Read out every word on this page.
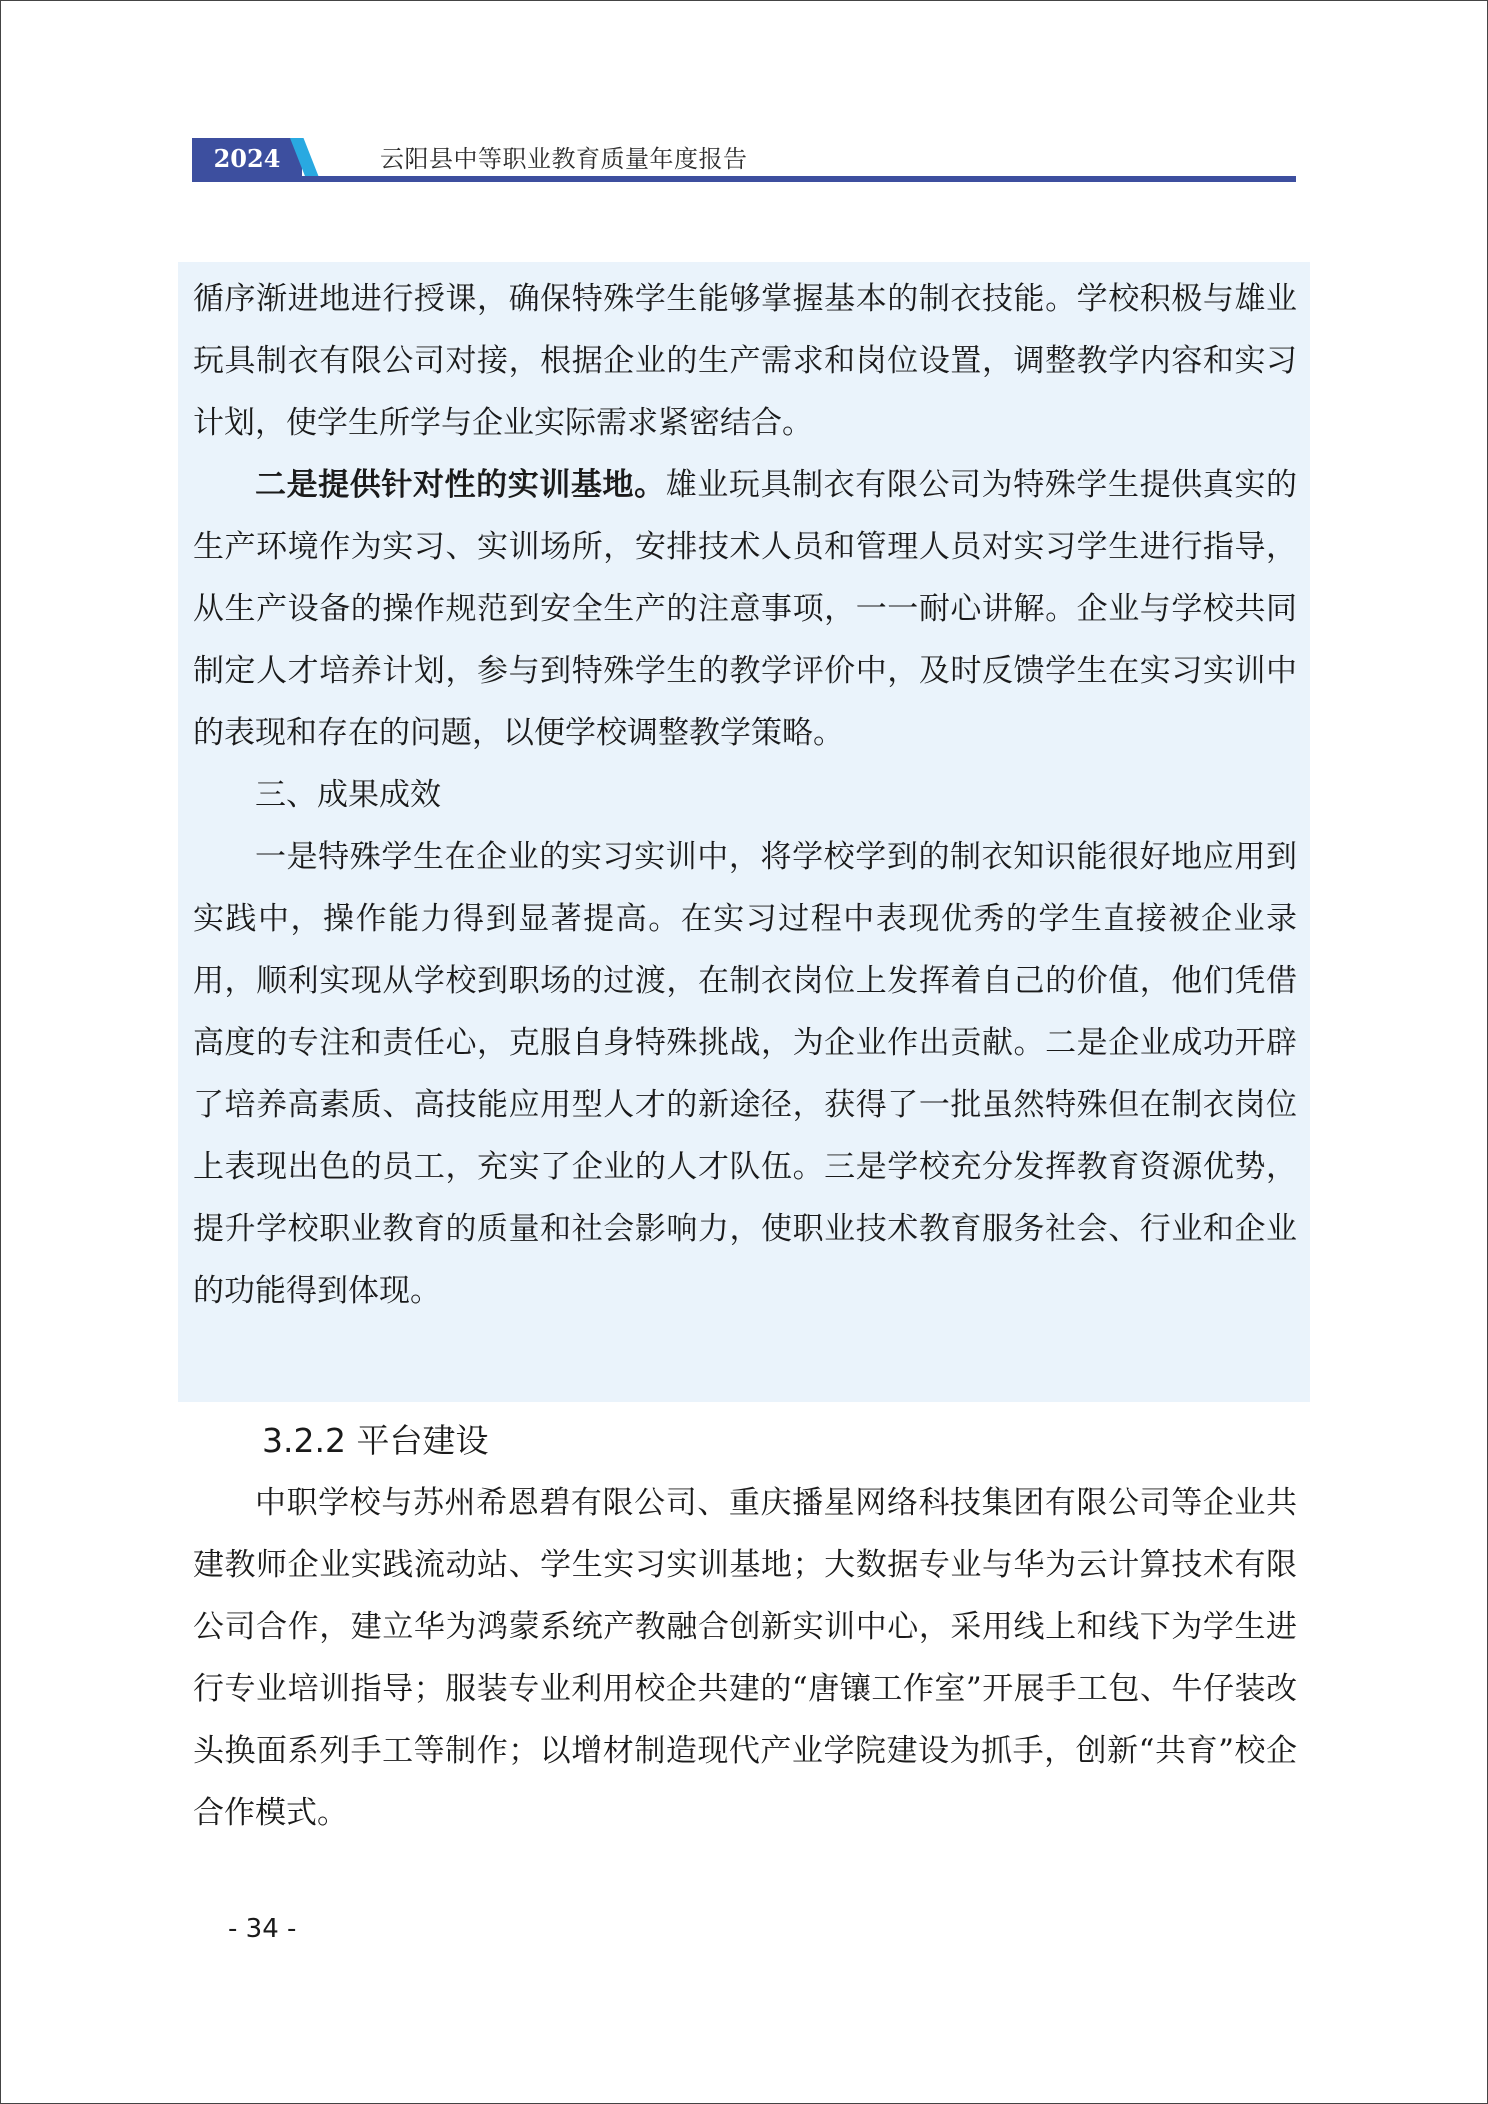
2024	云阳县中等职业教育质量年度报告

循序渐进地进行授课，确保特殊学生能够掌握基本的制衣技能。学校积极与雄业玩具制衣有限公司对接，根据企业的生产需求和岗位设置，调整教学内容和实习计划，使学生所学与企业实际需求紧密结合。

二是提供针对性的实训基地。雄业玩具制衣有限公司为特殊学生提供真实的生产环境作为实习、实训场所，安排技术人员和管理人员对实习学生进行指导，从生产设备的操作规范到安全生产的注意事项，一一耐心讲解。企业与学校共同制定人才培养计划，参与到特殊学生的教学评价中，及时反馈学生在实习实训中的表现和存在的问题，以便学校调整教学策略。

三、成果成效

一是特殊学生在企业的实习实训中，将学校学到的制衣知识能很好地应用到实践中，操作能力得到显著提高。在实习过程中表现优秀的学生直接被企业录用，顺利实现从学校到职场的过渡，在制衣岗位上发挥着自己的价值，他们凭借高度的专注和责任心，克服自身特殊挑战，为企业作出贡献。二是企业成功开辟了培养高素质、高技能应用型人才的新途径，获得了一批虽然特殊但在制衣岗位上表现出色的员工，充实了企业的人才队伍。三是学校充分发挥教育资源优势，提升学校职业教育的质量和社会影响力，使职业技术教育服务社会、行业和企业的功能得到体现。

3.2.2 平台建设

中职学校与苏州希恩碧有限公司、重庆播星网络科技集团有限公司等企业共建教师企业实践流动站、学生实习实训基地；大数据专业与华为云计算技术有限公司合作，建立华为鸿蒙系统产教融合创新实训中心，采用线上和线下为学生进行专业培训指导；服装专业利用校企共建的“唐镶工作室”开展手工包、牛仔装改头换面系列手工等制作；以增材制造现代产业学院建设为抓手，创新“共育”校企合作模式。

- 34 -
